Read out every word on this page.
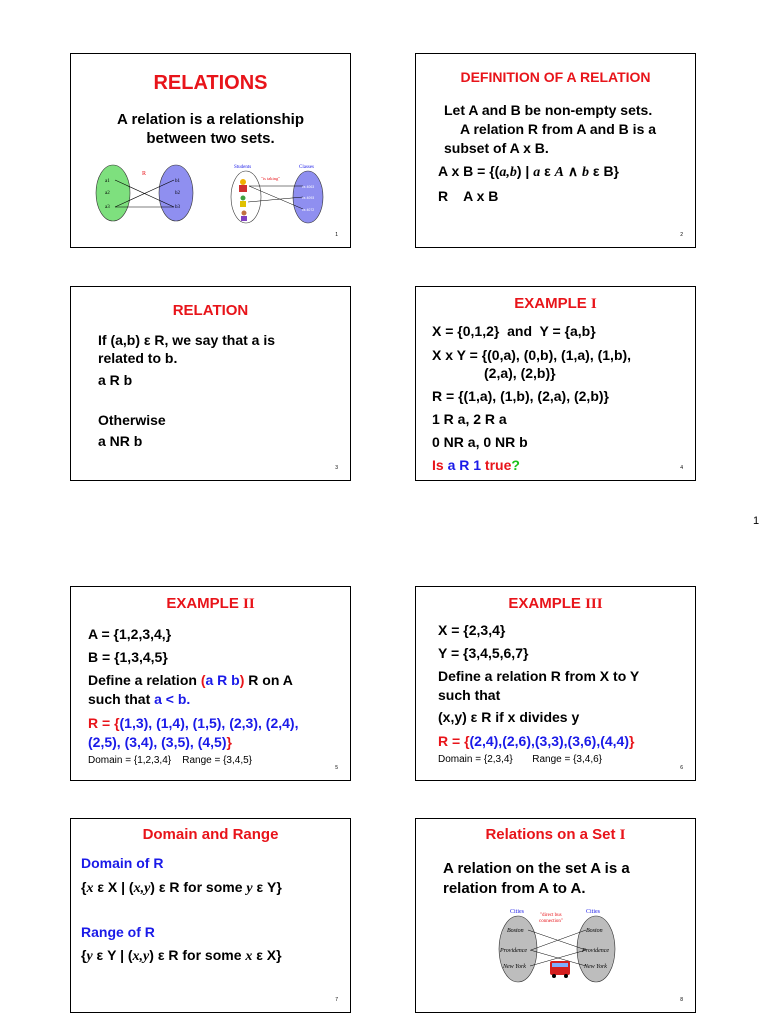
1
RELATIONS
A relation is a relationship
between two sets.
R
a1
a2
a3
b1
b2
b3
Students	Classes
"is taking"
cs 4063
cs 4093
cs 4072
1
DEFINITION OF A RELATION
Let A and B be non-empty sets.
A relation R from A and B is a
subset of A x B.
A x B = {(a,b) | a ε A ∧ b ε B}
R    A x B
2
RELATION
If (a,b) ε R, we say that a is
related to b.
a R b
Otherwise
a NR b
3
EXAMPLE I
X = {0,1,2}  and  Y = {a,b}
X x Y = {(0,a), (0,b), (1,a), (1,b),
(2,a), (2,b)}
R = {(1,a), (1,b), (2,a), (2,b)}
1 R a, 2 R a
0 NR a, 0 NR b
Is a R 1 true?	4
EXAMPLE II
A = {1,2,3,4,}
B = {1,3,4,5}
Define a relation (a R b) R on A
such that a < b.
R = {(1,3), (1,4), (1,5), (2,3), (2,4),
(2,5), (3,4), (3,5), (4,5)}
Domain = {1,2,3,4}    Range = {3,4,5}
5
EXAMPLE III
X = {2,3,4}
Y = {3,4,5,6,7}
Define a relation R from X to Y
such that
(x,y) ε R if x divides y
R = {(2,4),(2,6),(3,3),(3,6),(4,4)}
Domain = {2,3,4}       Range = {3,4,6}
6
Domain and Range
Domain of R
{x ε X | (x,y) ε R for some y ε Y}
Range of R
{y ε Y | (x,y) ε R for some x ε X}
7
Relations on a Set I
A relation on the set A is a
relation from A to A.
Cities	Cities
"direct bus
connection"
Boston
Providence
New York
Boston
Providence
New York
8
